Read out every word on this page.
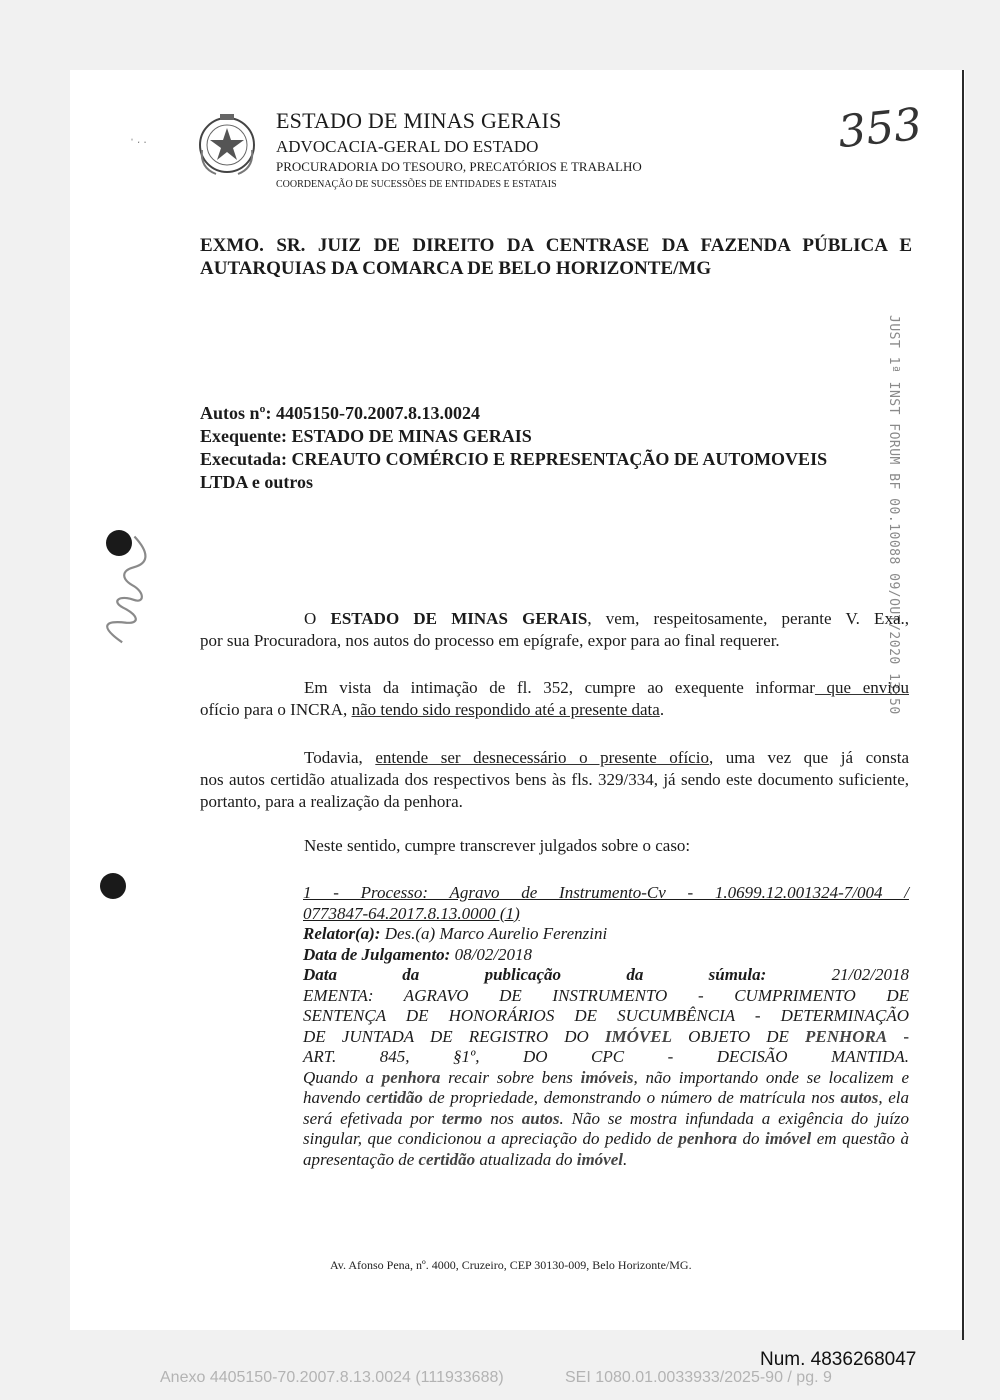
ˈ ˑ ˑ
ESTADO DE MINAS GERAIS
ADVOCACIA-GERAL DO ESTADO
PROCURADORIA DO TESOURO, PRECATÓRIOS E TRABALHO
COORDENAÇÃO DE SUCESSÕES DE ENTIDADES E ESTATAIS
353
EXMO. SR. JUIZ DE DIREITO DA CENTRASE DA FAZENDA PÚBLICA E
AUTARQUIAS DA COMARCA DE BELO HORIZONTE/MG
JUST 1ª INST FORUM BF 00.10088 09/OUT/2020 13:50
Autos nº: 4405150-70.2007.8.13.0024
Exequente: ESTADO DE MINAS GERAIS
Executada: CREAUTO COMÉRCIO E REPRESENTAÇÃO DE AUTOMOVEIS
LTDA e outros
O ESTADO DE MINAS GERAIS, vem, respeitosamente, perante V. Exa.,
por sua Procuradora, nos autos do processo em epígrafe, expor para ao final requerer.
Em vista da intimação de fl. 352, cumpre ao exequente informar que enviou
ofício para o INCRA, não tendo sido respondido até a presente data.
Todavia, entende ser desnecessário o presente ofício, uma vez que já consta
nos autos certidão atualizada dos respectivos bens às fls. 329/334, já sendo este documento suficiente, portanto, para a realização da penhora.
Neste sentido, cumpre transcrever julgados sobre o caso:
1 - Processo: Agravo de Instrumento-Cv - 1.0699.12.001324-7/004 /
0773847-64.2017.8.13.0000 (1)
Relator(a): Des.(a) Marco Aurelio Ferenzini
Data de Julgamento: 08/02/2018
Data da publicação da súmula:	21/02/2018
EMENTA: AGRAVO DE INSTRUMENTO - CUMPRIMENTO DE
SENTENÇA DE HONORÁRIOS DE SUCUMBÊNCIA - DETERMINAÇÃO
DE JUNTADA DE REGISTRO DO IMÓVEL OBJETO DE PENHORA -
ART. 845, §1º, DO CPC - DECISÃO MANTIDA.
Quando a penhora recair sobre bens imóveis, não importando onde se localizem e havendo certidão de propriedade, demonstrando o número de matrícula nos autos, ela será efetivada por termo nos autos. Não se mostra infundada a exigência do juízo singular, que condicionou a apreciação do pedido de penhora do imóvel em questão à apresentação de certidão atualizada do imóvel.
Av. Afonso Pena, nº. 4000, Cruzeiro, CEP 30130-009, Belo Horizonte/MG.
Num. 4836268047
Anexo 4405150-70.2007.8.13.0024 (111933688)	SEI 1080.01.0033933/2025-90 / pg. 9
